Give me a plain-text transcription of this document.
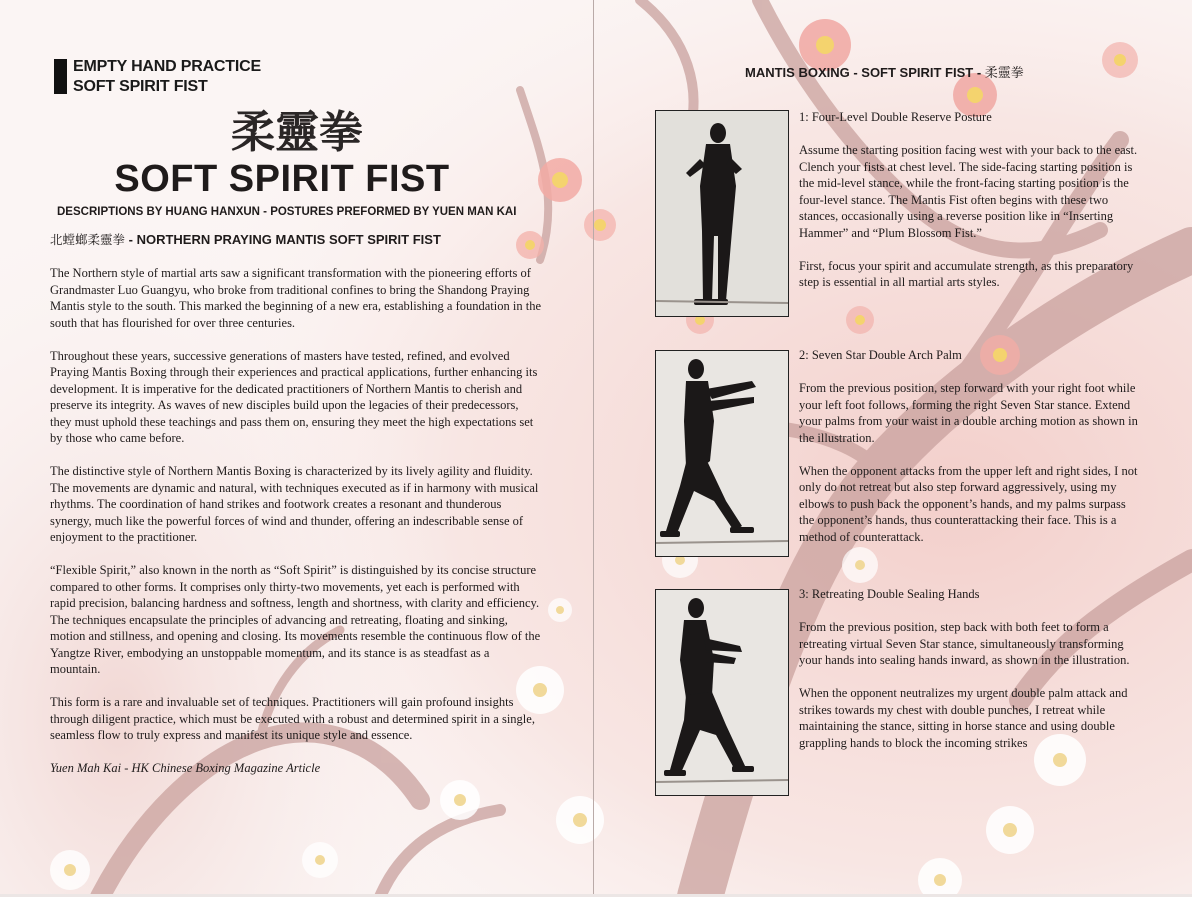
EMPTY HAND PRACTICE
SOFT SPIRIT FIST
柔靈拳
SOFT SPIRIT FIST
DESCRIPTIONS BY HUANG HANXUN - POSTURES PREFORMED BY YUEN MAN KAI
北螳螂柔靈拳 - NORTHERN PRAYING MANTIS SOFT SPIRIT FIST

The Northern style of martial arts saw a significant transformation with the pioneering efforts of Grandmaster Luo Guangyu, who broke from traditional confines to bring the Shandong Praying Mantis style to the south. This marked the beginning of a new era, establishing a foundation in the south that has flourished for over three centuries.

Throughout these years, successive generations of masters have tested, refined, and evolved Praying Mantis Boxing through their experiences and practical applications, further enhancing its development. It is imperative for the dedicated practitioners of Northern Mantis to cherish and preserve its integrity. As waves of new disciples build upon the legacies of their predecessors, they must uphold these teachings and pass them on, ensuring they meet the high expectations set by those who came before.

The distinctive style of Northern Mantis Boxing is characterized by its lively agility and fluidity. The movements are dynamic and natural, with techniques executed as if in harmony with musical rhythms. The coordination of hand strikes and footwork creates a resonant and thunderous synergy, much like the powerful forces of wind and thunder, offering an indescribable sense of enjoyment to the practitioner.

“Flexible Spirit,” also known in the north as “Soft Spirit” is distinguished by its concise structure compared to other forms. It comprises only thirty-two movements, yet each is performed with rapid precision, balancing hardness and softness, length and shortness, with clarity and efficiency. The techniques encapsulate the principles of advancing and retreating, floating and sinking, motion and stillness, and opening and closing. Its movements resemble the continuous flow of the Yangtze River, embodying an unstoppable momentum, and its stance is as steadfast as a mountain.

This form is a rare and invaluable set of techniques. Practitioners will gain profound insights through diligent practice, which must be executed with a robust and determined spirit in a single, seamless flow to truly express and manifest its unique style and essence.

Yuen Mah Kai - HK Chinese Boxing Magazine Article

MANTIS BOXING - SOFT SPIRIT FIST - 柔靈拳
1: Four-Level Double Reserve Posture

Assume the starting position facing west with your back to the east. Clench your fists at chest level. The side-facing starting position is the mid-level stance, while the front-facing starting position is the four-level stance. The Mantis Fist often begins with these two stances, occasionally using a reverse position like in “Inserting Hammer” and “Plum Blossom Fist.”

First, focus your spirit and accumulate strength, as this preparatory step is essential in all martial arts styles.

2: Seven Star Double Arch Palm

From the previous position, step forward with your right foot while your left foot follows, forming the right Seven Star stance. Extend your palms from your waist in a double arching motion as shown in the illustration.

When the opponent attacks from the upper left and right sides, I not only do not retreat but also step forward aggressively, using my elbows to push back the opponent’s hands, and my palms surpass the opponent’s hands, thus counterattacking their face. This is a method of counterattack.

3: Retreating Double Sealing Hands

From the previous position, step back with both feet to form a retreating virtual Seven Star stance, simultaneously transforming your hands into sealing hands inward, as shown in the illustration.

When the opponent neutralizes my urgent double palm attack and strikes towards my chest with double punches, I retreat while maintaining the stance, sitting in horse stance and using double grappling hands to block the incoming strikes
